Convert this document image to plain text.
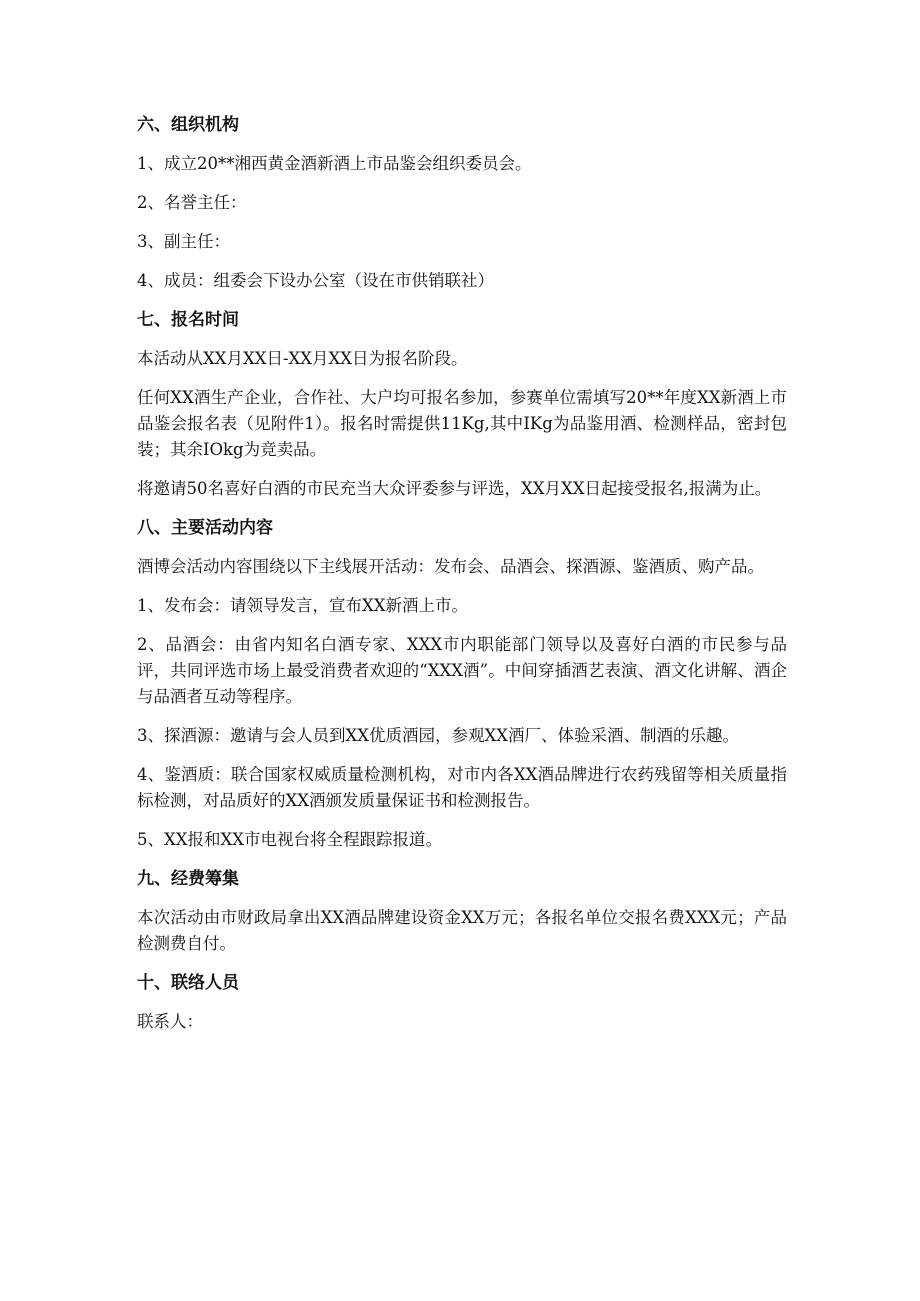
六、组织机构
1、成立20**湘西黄金酒新酒上市品鉴会组织委员会。
2、名誉主任：
3、副主任：
4、成员：组委会下设办公室（设在市供销联社）
七、报名时间
本活动从XX月XX日-XX月XX日为报名阶段。
任何XX酒生产企业，合作社、大户均可报名参加，参赛单位需填写20**年度XX新酒上市品鉴会报名表（见附件1）。报名时需提供11Kg,其中IKg为品鉴用酒、检测样品，密封包装；其余IOkg为竞卖品。
将邀请50名喜好白酒的市民充当大众评委参与评选，XX月XX日起接受报名,报满为止。
八、主要活动内容
酒博会活动内容围绕以下主线展开活动：发布会、品酒会、探酒源、鉴酒质、购产品。
1、发布会：请领导发言，宣布XX新酒上市。
2、品酒会：由省内知名白酒专家、XXX市内职能部门领导以及喜好白酒的市民参与品评，共同评选市场上最受消费者欢迎的“XXX酒”。中间穿插酒艺表演、酒文化讲解、酒企与品酒者互动等程序。
3、探酒源：邀请与会人员到XX优质酒园，参观XX酒厂、体验采酒、制酒的乐趣。
4、鉴酒质：联合国家权威质量检测机构，对市内各XX酒品牌进行农药残留等相关质量指标检测，对品质好的XX酒颁发质量保证书和检测报告。
5、XX报和XX市电视台将全程跟踪报道。
九、经费筹集
本次活动由市财政局拿出XX酒品牌建设资金XX万元；各报名单位交报名费XXX元；产品检测费自付。
十、联络人员
联系人：
